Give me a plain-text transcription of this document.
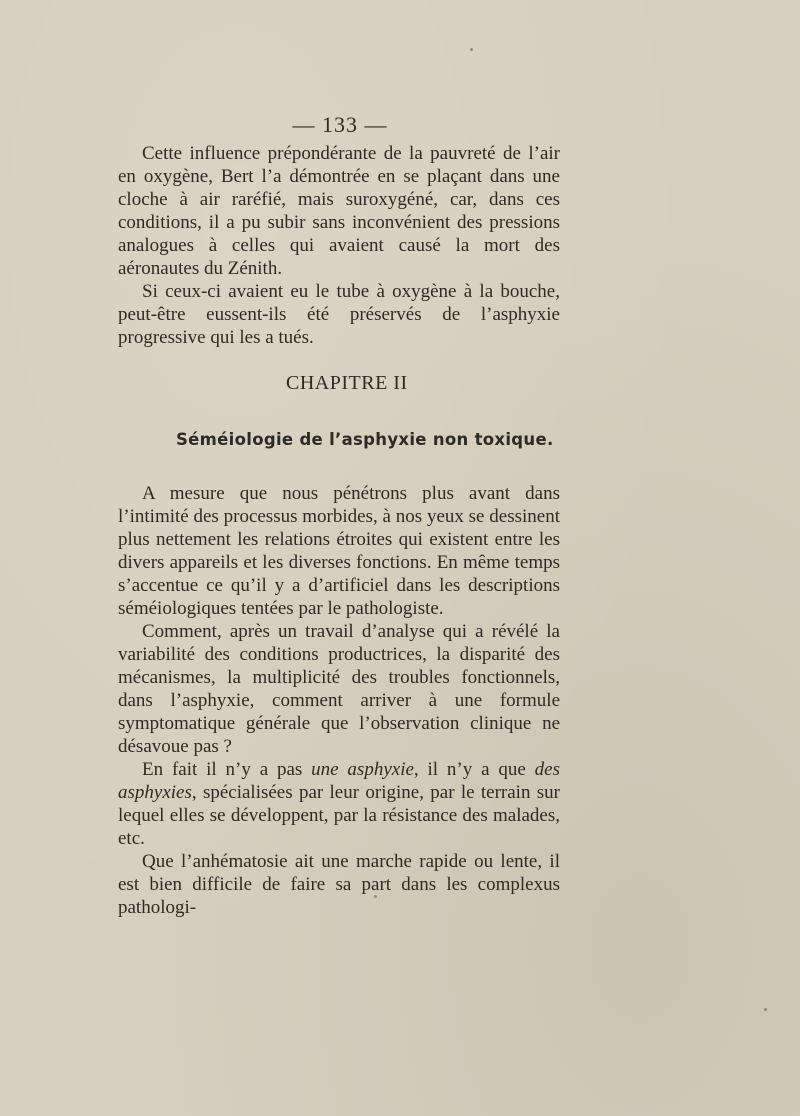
— 133 —

Cette influence prépondérante de la pauvreté de l’air en oxygène, Bert l’a démontrée en se plaçant dans une cloche à air raréfié, mais suroxygéné, car, dans ces conditions, il a pu subir sans inconvénient des pressions analogues à celles qui avaient causé la mort des aéronautes du Zénith.

Si ceux-ci avaient eu le tube à oxygène à la bouche, peut-être eussent-ils été préservés de l’asphyxie progressive qui les a tués.

CHAPITRE II
Séméiologie de l’asphyxie non toxique.

A mesure que nous pénétrons plus avant dans l’intimité des processus morbides, à nos yeux se dessinent plus nettement les relations étroites qui existent entre les divers appareils et les diverses fonctions. En même temps s’accentue ce qu’il y a d’artificiel dans les descriptions séméiologiques tentées par le pathologiste.

Comment, après un travail d’analyse qui a révélé la variabilité des conditions productrices, la disparité des mécanismes, la multiplicité des troubles fonctionnels, dans l’asphyxie, comment arriver à une formule symptomatique générale que l’observation clinique ne désavoue pas ?

En fait il n’y a pas une asphyxie, il n’y a que des asphyxies, spécialisées par leur origine, par le terrain sur lequel elles se développent, par la résistance des malades, etc.

Que l’anhématosie ait une marche rapide ou lente, il est bien difficile de faire sa part dans les complexus pathologi-
